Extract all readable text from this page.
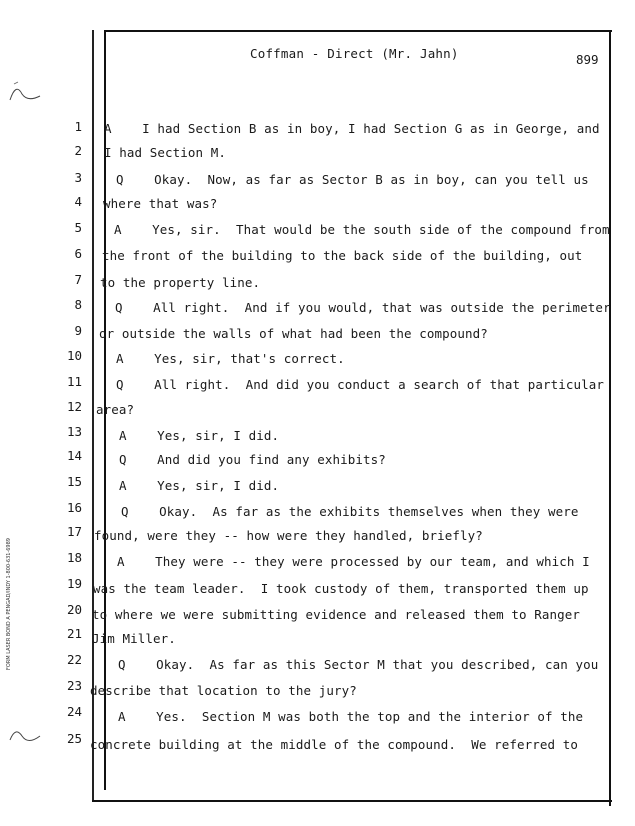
Coffman - Direct (Mr. Jahn)	899
FORM LASER BOND A PENGAD/INDY 1-800-631-6989
1 A    I had Section B as in boy, I had Section G as in George, and
2 I had Section M.
3	Q    Okay.  Now, as far as Sector B as in boy, can you tell us
4 where that was?
5	A    Yes, sir.  That would be the south side of the compound from
6 the front of the building to the back side of the building, out
7 to the property line.
8	Q    All right.  And if you would, that was outside the perimeter
9 or outside the walls of what had been the compound?
10	A    Yes, sir, that's correct.
11	Q    All right.  And did you conduct a search of that particular
12 area?
13	A    Yes, sir, I did.
14	Q    And did you find any exhibits?
15	A    Yes, sir, I did.
16	Q    Okay.  As far as the exhibits themselves when they were
17 found, were they -- how were they handled, briefly?
18	A    They were -- they were processed by our team, and which I
19 was the team leader.  I took custody of them, transported them up
20 to where we were submitting evidence and released them to Ranger
21 Jim Miller.
22	Q    Okay.  As far as this Sector M that you described, can you
23 describe that location to the jury?
24	A    Yes.  Section M was both the top and the interior of the
25 concrete building at the middle of the compound.  We referred to
